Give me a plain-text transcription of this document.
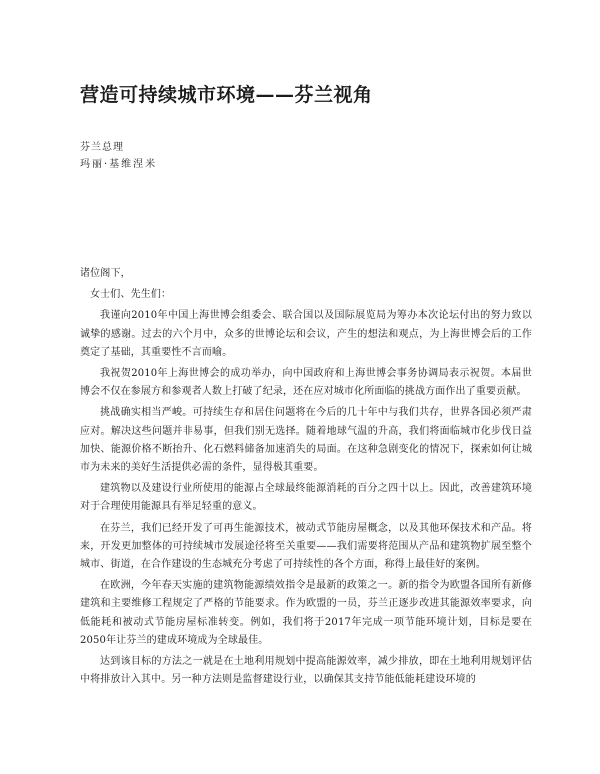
营造可持续城市环境——芬兰视角
芬兰总理
玛丽·基维涅米

诸位阁下，

女士们、先生们：

我谨向2010年中国上海世博会组委会、联合国以及国际展览局为筹办本次论坛付出的努力致以诚挚的感谢。过去的六个月中，众多的世博论坛和会议，产生的想法和观点，为上海世博会后的工作奠定了基础，其重要性不言而喻。

我祝贺2010年上海世博会的成功举办，向中国政府和上海世博会事务协调局表示祝贺。本届世博会不仅在参展方和参观者人数上打破了纪录，还在应对城市化所面临的挑战方面作出了重要贡献。

挑战确实相当严峻。可持续生存和居住问题将在今后的几十年中与我们共存，世界各国必须严肃应对。解决这些问题并非易事，但我们别无选择。随着地球气温的升高，我们将面临城市化步伐日益加快、能源价格不断抬升、化石燃料储备加速消失的局面。在这种急剧变化的情况下，探索如何让城市为未来的美好生活提供必需的条件，显得极其重要。

建筑物以及建设行业所使用的能源占全球最终能源消耗的百分之四十以上。因此，改善建筑环境对于合理使用能源具有举足轻重的意义。

在芬兰，我们已经开发了可再生能源技术，被动式节能房屋概念，以及其他环保技术和产品。将来，开发更加整体的可持续城市发展途径将至关重要——我们需要将范围从产品和建筑物扩展至整个城市、街道，在合作建设的生态城充分考虑了可持续性的各个方面，称得上最佳好的案例。

在欧洲，今年春天实施的建筑物能源绩效指令是最新的政策之一。新的指令为欧盟各国所有新修建筑和主要维修工程规定了严格的节能要求。作为欧盟的一员，芬兰正逐步改进其能源效率要求，向低能耗和被动式节能房屋标准转变。例如，我们将于2017年完成一项节能环境计划，目标是要在2050年让芬兰的建成环境成为全球最佳。

达到该目标的方法之一就是在土地利用规划中提高能源效率，减少排放，即在土地利用规划评估中将排放计入其中。另一种方法则是监督建设行业，以确保其支持节能低能耗建设环境的
